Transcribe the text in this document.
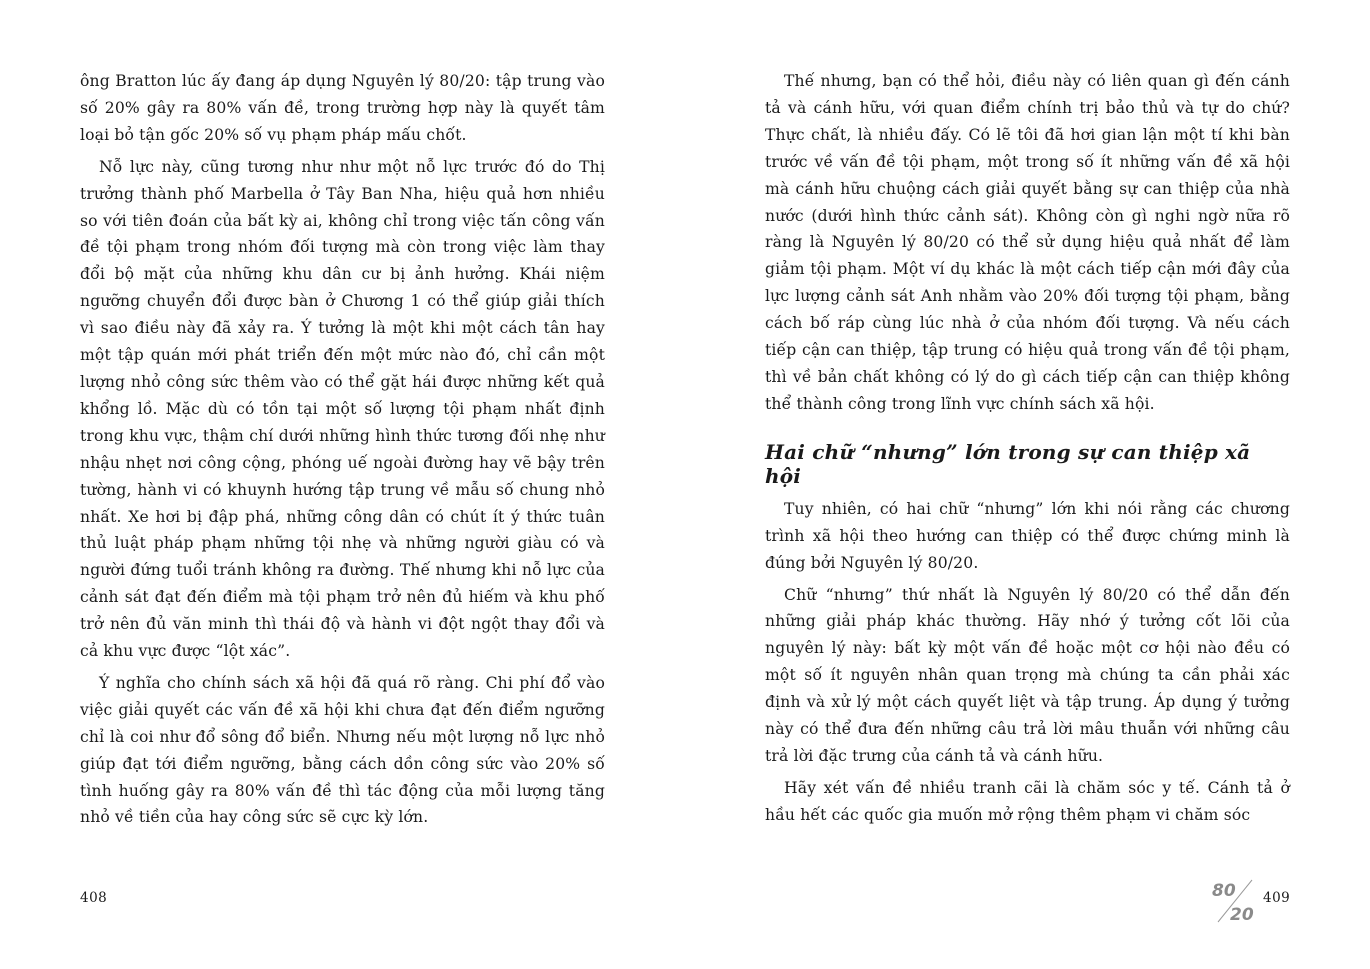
ông Bratton lúc ấy đang áp dụng Nguyên lý 80/20: tập trung vào số 20% gây ra 80% vấn đề, trong trường hợp này là quyết tâm loại bỏ tận gốc 20% số vụ phạm pháp mấu chốt.

Nỗ lực này, cũng tương như như một nỗ lực trước đó do Thị trưởng thành phố Marbella ở Tây Ban Nha, hiệu quả hơn nhiều so với tiên đoán của bất kỳ ai, không chỉ trong việc tấn công vấn đề tội phạm trong nhóm đối tượng mà còn trong việc làm thay đổi bộ mặt của những khu dân cư bị ảnh hưởng. Khái niệm ngưỡng chuyển đổi được bàn ở Chương 1 có thể giúp giải thích vì sao điều này đã xảy ra. Ý tưởng là một khi một cách tân hay một tập quán mới phát triển đến một mức nào đó, chỉ cần một lượng nhỏ công sức thêm vào có thể gặt hái được những kết quả khổng lồ. Mặc dù có tồn tại một số lượng tội phạm nhất định trong khu vực, thậm chí dưới những hình thức tương đối nhẹ như nhậu nhẹt nơi công cộng, phóng uế ngoài đường hay vẽ bậy trên tường, hành vi có khuynh hướng tập trung về mẫu số chung nhỏ nhất. Xe hơi bị đập phá, những công dân có chút ít ý thức tuân thủ luật pháp phạm những tội nhẹ và những người giàu có và người đứng tuổi tránh không ra đường. Thế nhưng khi nỗ lực của cảnh sát đạt đến điểm mà tội phạm trở nên đủ hiếm và khu phố trở nên đủ văn minh thì thái độ và hành vi đột ngột thay đổi và cả khu vực được “lột xác”.

Ý nghĩa cho chính sách xã hội đã quá rõ ràng. Chi phí đổ vào việc giải quyết các vấn đề xã hội khi chưa đạt đến điểm ngưỡng chỉ là coi như đổ sông đổ biển. Nhưng nếu một lượng nỗ lực nhỏ giúp đạt tới điểm ngưỡng, bằng cách dồn công sức vào 20% số tình huống gây ra 80% vấn đề thì tác động của mỗi lượng tăng nhỏ về tiền của hay công sức sẽ cực kỳ lớn.

Thế nhưng, bạn có thể hỏi, điều này có liên quan gì đến cánh tả và cánh hữu, với quan điểm chính trị bảo thủ và tự do chứ? Thực chất, là nhiều đấy. Có lẽ tôi đã hơi gian lận một tí khi bàn trước về vấn đề tội phạm, một trong số ít những vấn đề xã hội mà cánh hữu chuộng cách giải quyết bằng sự can thiệp của nhà nước (dưới hình thức cảnh sát). Không còn gì nghi ngờ nữa rõ ràng là Nguyên lý 80/20 có thể sử dụng hiệu quả nhất để làm giảm tội phạm. Một ví dụ khác là một cách tiếp cận mới đây của lực lượng cảnh sát Anh nhằm vào 20% đối tượng tội phạm, bằng cách bố ráp cùng lúc nhà ở của nhóm đối tượng. Và nếu cách tiếp cận can thiệp, tập trung có hiệu quả trong vấn đề tội phạm, thì về bản chất không có lý do gì cách tiếp cận can thiệp không thể thành công trong lĩnh vực chính sách xã hội.

Hai chữ “nhưng” lớn trong sự can thiệp xã hội

Tuy nhiên, có hai chữ “nhưng” lớn khi nói rằng các chương trình xã hội theo hướng can thiệp có thể được chứng minh là đúng bởi Nguyên lý 80/20.

Chữ “nhưng” thứ nhất là Nguyên lý 80/20 có thể dẫn đến những giải pháp khác thường. Hãy nhớ ý tưởng cốt lõi của nguyên lý này: bất kỳ một vấn đề hoặc một cơ hội nào đều có một số ít nguyên nhân quan trọng mà chúng ta cần phải xác định và xử lý một cách quyết liệt và tập trung. Áp dụng ý tưởng này có thể đưa đến những câu trả lời mâu thuẫn với những câu trả lời đặc trưng của cánh tả và cánh hữu.

Hãy xét vấn đề nhiều tranh cãi là chăm sóc y tế. Cánh tả ở hầu hết các quốc gia muốn mở rộng thêm phạm vi chăm sóc

408	80
20
409
